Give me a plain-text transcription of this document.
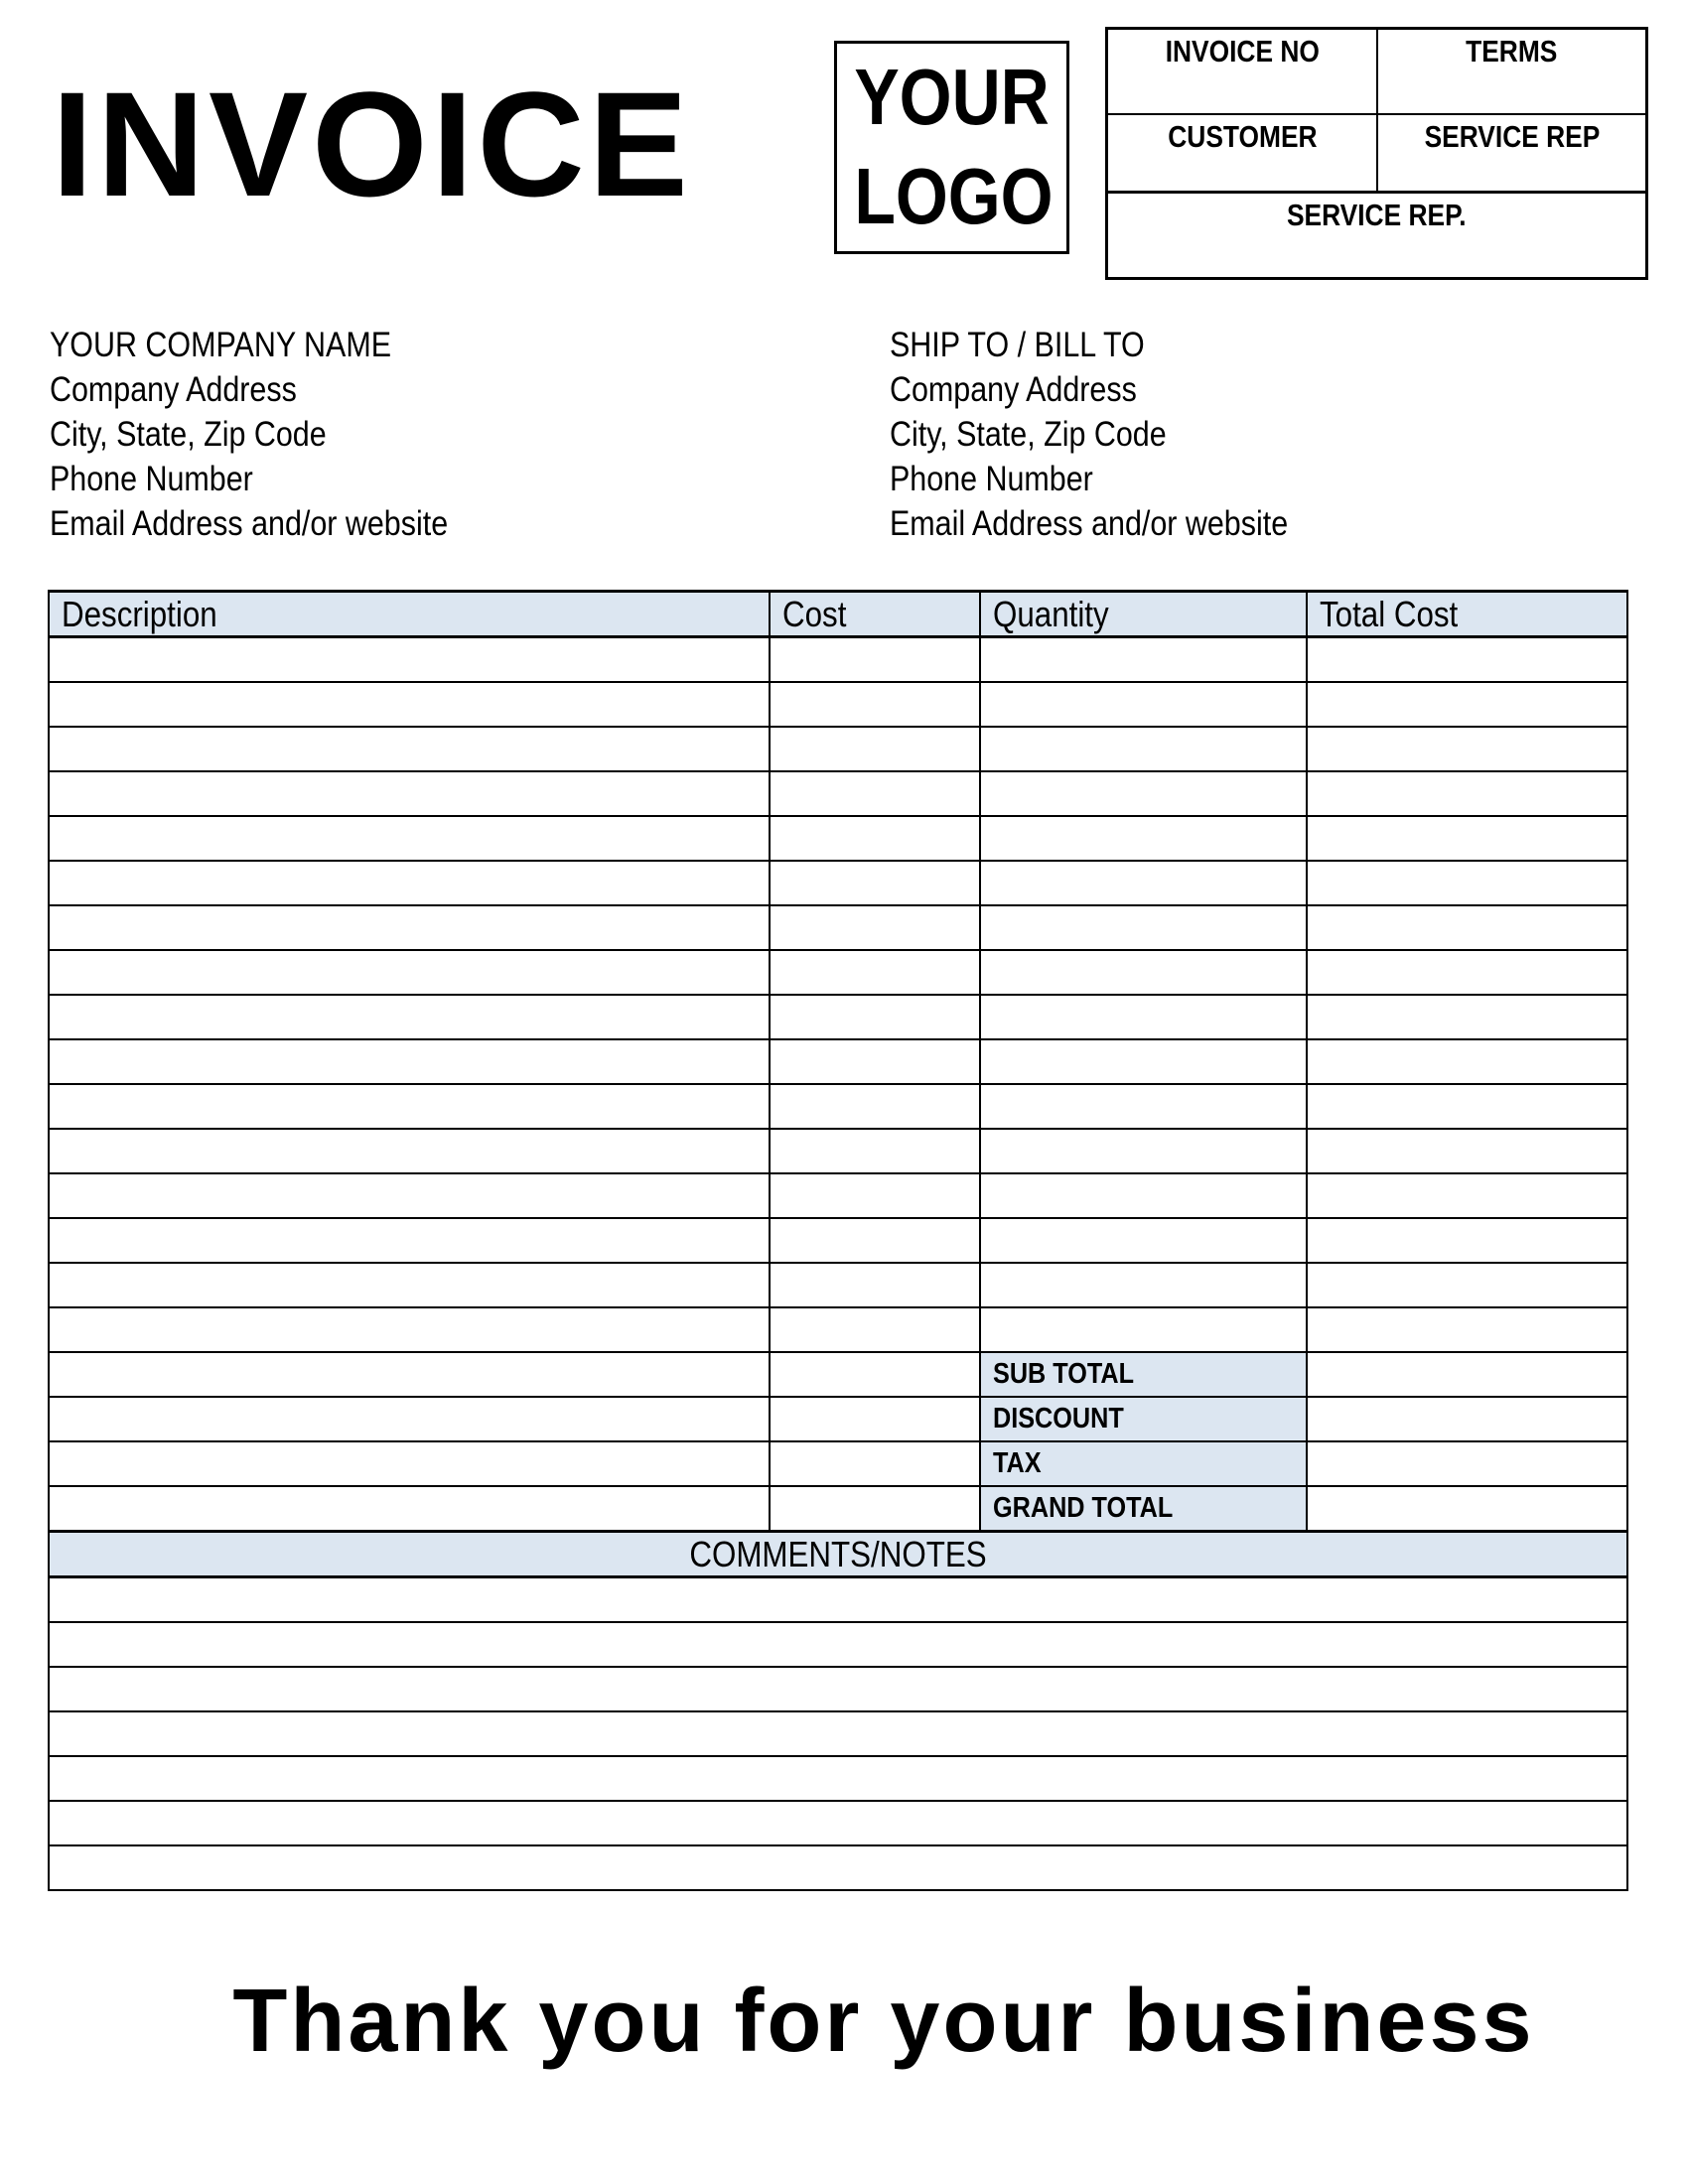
INVOICE YOUR
LOGO
INVOICE NO	TERMS
CUSTOMER	SERVICE REP
SERVICE REP.
YOUR COMPANY NAME
Company Address
City, State, Zip Code
Phone Number
Email Address and/or website
SHIP TO / BILL TO
Company Address
City, State, Zip Code
Phone Number
Email Address and/or website
Description	Cost	Quantity	Total Cost

		SUB TOTAL	
		DISCOUNT	
		TAX	
		GRAND TOTAL	
COMMENTS/NOTES			

Thank you for your business
